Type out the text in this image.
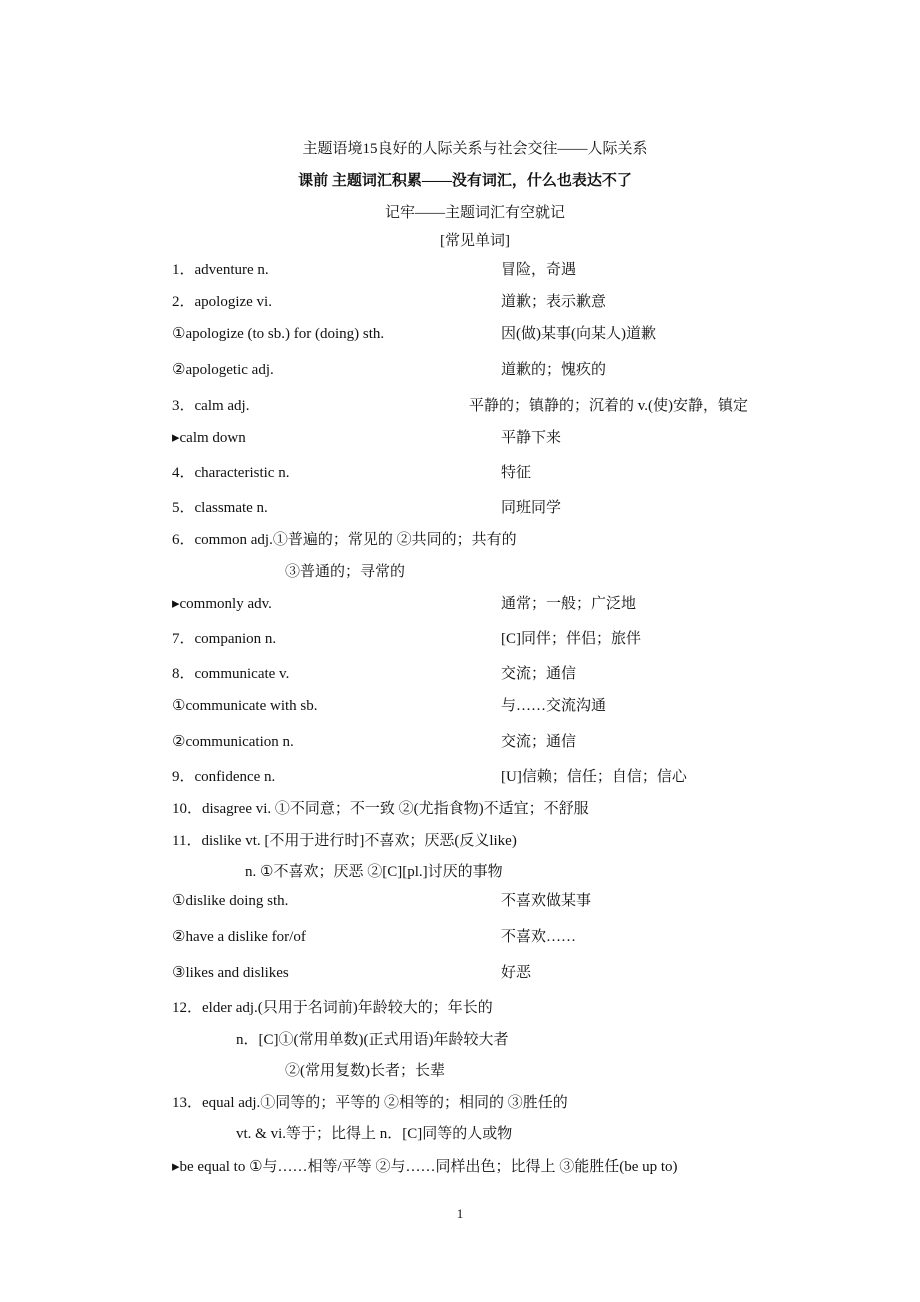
主题语境15良好的人际关系与社会交往——人际关系
课前 主题词汇积累——没有词汇，什么也表达不了
记牢——主题词汇有空就记
[常见单词]
1．adventure n.	冒险，奇遇
2．apologize vi.	道歉；表示歉意
①apologize (to sb.) for (doing) sth.	因(做)某事(向某人)道歉
②apologetic adj.	道歉的；愧疚的
3．calm adj.	平静的；镇静的；沉着的 v.(使)安静，镇定
▸calm down	平静下来
4．characteristic n.	特征
5．classmate n.	同班同学
6．common adj.①普遍的；常见的 ②共同的；共有的
③普通的；寻常的
▸commonly adv.	通常；一般；广泛地
7．companion n.	[C]同伴；伴侣；旅伴
8．communicate v.	交流；通信
①communicate with sb.	与……交流沟通
②communication n.	交流；通信
9．confidence n.	[U]信赖；信任；自信；信心
10．disagree vi. ①不同意；不一致 ②(尤指食物)不适宜；不舒服
11．dislike vt. [不用于进行时]不喜欢；厌恶(反义like)
n. ①不喜欢；厌恶 ②[C][pl.]讨厌的事物
①dislike doing sth.	不喜欢做某事
②have a dislike for/of	不喜欢……
③likes and dislikes	好恶
12．elder adj.(只用于名词前)年龄较大的；年长的
n．[C]①(常用单数)(正式用语)年龄较大者
②(常用复数)长者；长辈
13．equal adj.①同等的；平等的 ②相等的；相同的 ③胜任的
vt. & vi.等于；比得上 n．[C]同等的人或物
▸be equal to ①与……相等/平等 ②与……同样出色；比得上 ③能胜任(be up to)
1
